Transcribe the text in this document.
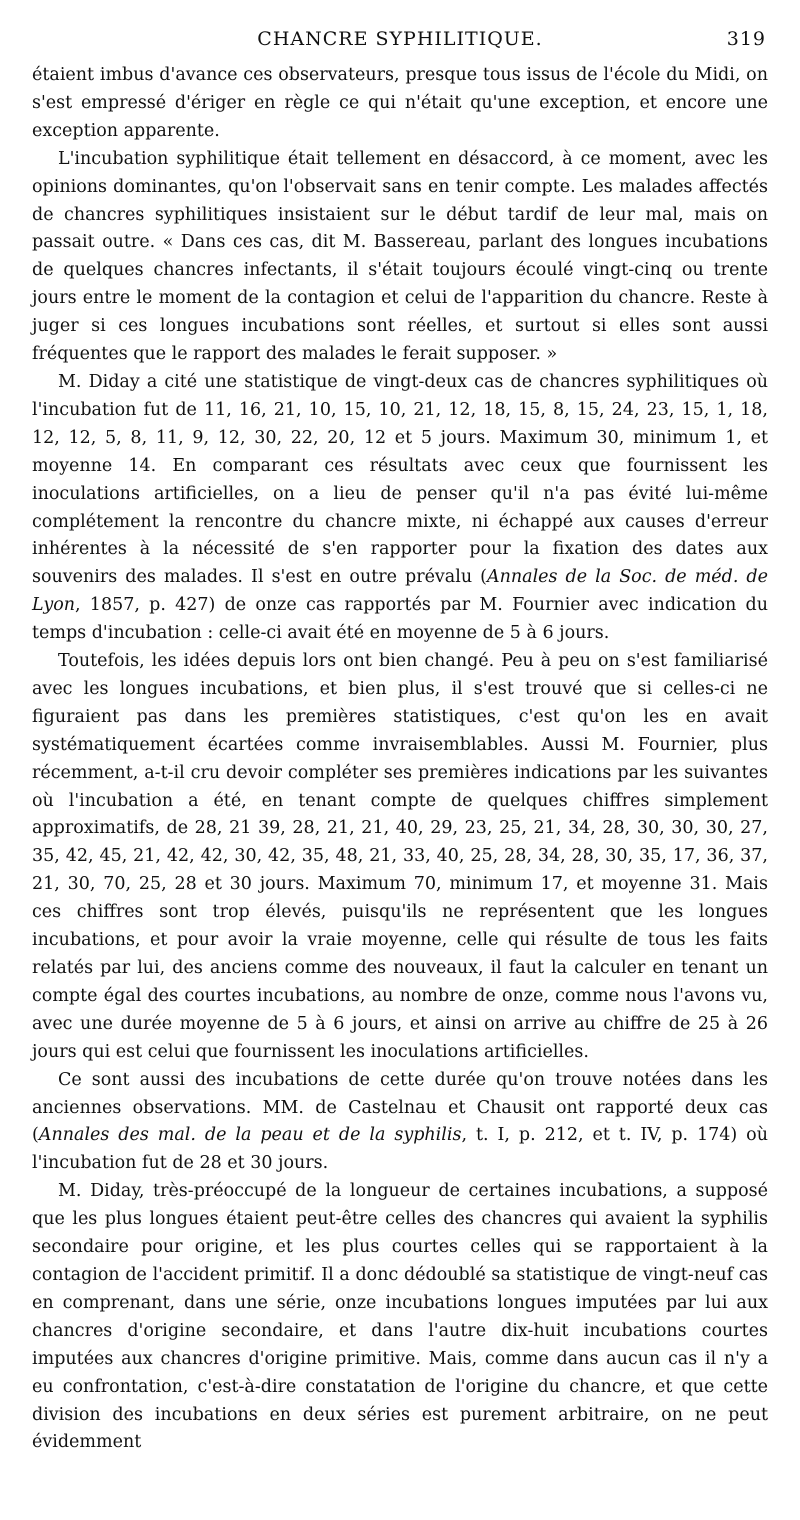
CHANCRE SYPHILITIQUE.	319

étaient imbus d'avance ces observateurs, presque tous issus de l'école du Midi, on s'est empressé d'ériger en règle ce qui n'était qu'une exception, et encore une exception apparente.

L'incubation syphilitique était tellement en désaccord, à ce moment, avec les opinions dominantes, qu'on l'observait sans en tenir compte. Les malades affectés de chancres syphilitiques insistaient sur le début tardif de leur mal, mais on passait outre. « Dans ces cas, dit M. Bassereau, parlant des longues incubations de quelques chancres infectants, il s'était toujours écoulé vingt-cinq ou trente jours entre le moment de la contagion et celui de l'apparition du chancre. Reste à juger si ces longues incubations sont réelles, et surtout si elles sont aussi fréquentes que le rapport des malades le ferait supposer. »

M. Diday a cité une statistique de vingt-deux cas de chancres syphilitiques où l'incubation fut de 11, 16, 21, 10, 15, 10, 21, 12, 18, 15, 8, 15, 24, 23, 15, 1, 18, 12, 12, 5, 8, 11, 9, 12, 30, 22, 20, 12 et 5 jours. Maximum 30, minimum 1, et moyenne 14. En comparant ces résultats avec ceux que fournissent les inoculations artificielles, on a lieu de penser qu'il n'a pas évité lui-même complétement la rencontre du chancre mixte, ni échappé aux causes d'erreur inhérentes à la nécessité de s'en rapporter pour la fixation des dates aux souvenirs des malades. Il s'est en outre prévalu (Annales de la Soc. de méd. de Lyon, 1857, p. 427) de onze cas rapportés par M. Fournier avec indication du temps d'incubation : celle-ci avait été en moyenne de 5 à 6 jours.

Toutefois, les idées depuis lors ont bien changé. Peu à peu on s'est familiarisé avec les longues incubations, et bien plus, il s'est trouvé que si celles-ci ne figuraient pas dans les premières statistiques, c'est qu'on les en avait systématiquement écartées comme invraisemblables. Aussi M. Fournier, plus récemment, a-t-il cru devoir compléter ses premières indications par les suivantes où l'incubation a été, en tenant compte de quelques chiffres simplement approximatifs, de 28, 21 39, 28, 21, 21, 40, 29, 23, 25, 21, 34, 28, 30, 30, 30, 27, 35, 42, 45, 21, 42, 42, 30, 42, 35, 48, 21, 33, 40, 25, 28, 34, 28, 30, 35, 17, 36, 37, 21, 30, 70, 25, 28 et 30 jours. Maximum 70, minimum 17, et moyenne 31. Mais ces chiffres sont trop élevés, puisqu'ils ne représentent que les longues incubations, et pour avoir la vraie moyenne, celle qui résulte de tous les faits relatés par lui, des anciens comme des nouveaux, il faut la calculer en tenant un compte égal des courtes incubations, au nombre de onze, comme nous l'avons vu, avec une durée moyenne de 5 à 6 jours, et ainsi on arrive au chiffre de 25 à 26 jours qui est celui que fournissent les inoculations artificielles.

Ce sont aussi des incubations de cette durée qu'on trouve notées dans les anciennes observations. MM. de Castelnau et Chausit ont rapporté deux cas (Annales des mal. de la peau et de la syphilis, t. I, p. 212, et t. IV, p. 174) où l'incubation fut de 28 et 30 jours.

M. Diday, très-préoccupé de la longueur de certaines incubations, a supposé que les plus longues étaient peut-être celles des chancres qui avaient la syphilis secondaire pour origine, et les plus courtes celles qui se rapportaient à la contagion de l'accident primitif. Il a donc dédoublé sa statistique de vingt-neuf cas en comprenant, dans une série, onze incubations longues imputées par lui aux chancres d'origine secondaire, et dans l'autre dix-huit incubations courtes imputées aux chancres d'origine primitive. Mais, comme dans aucun cas il n'y a eu confrontation, c'est-à-dire constatation de l'origine du chancre, et que cette division des incubations en deux séries est purement arbitraire, on ne peut évidemment
